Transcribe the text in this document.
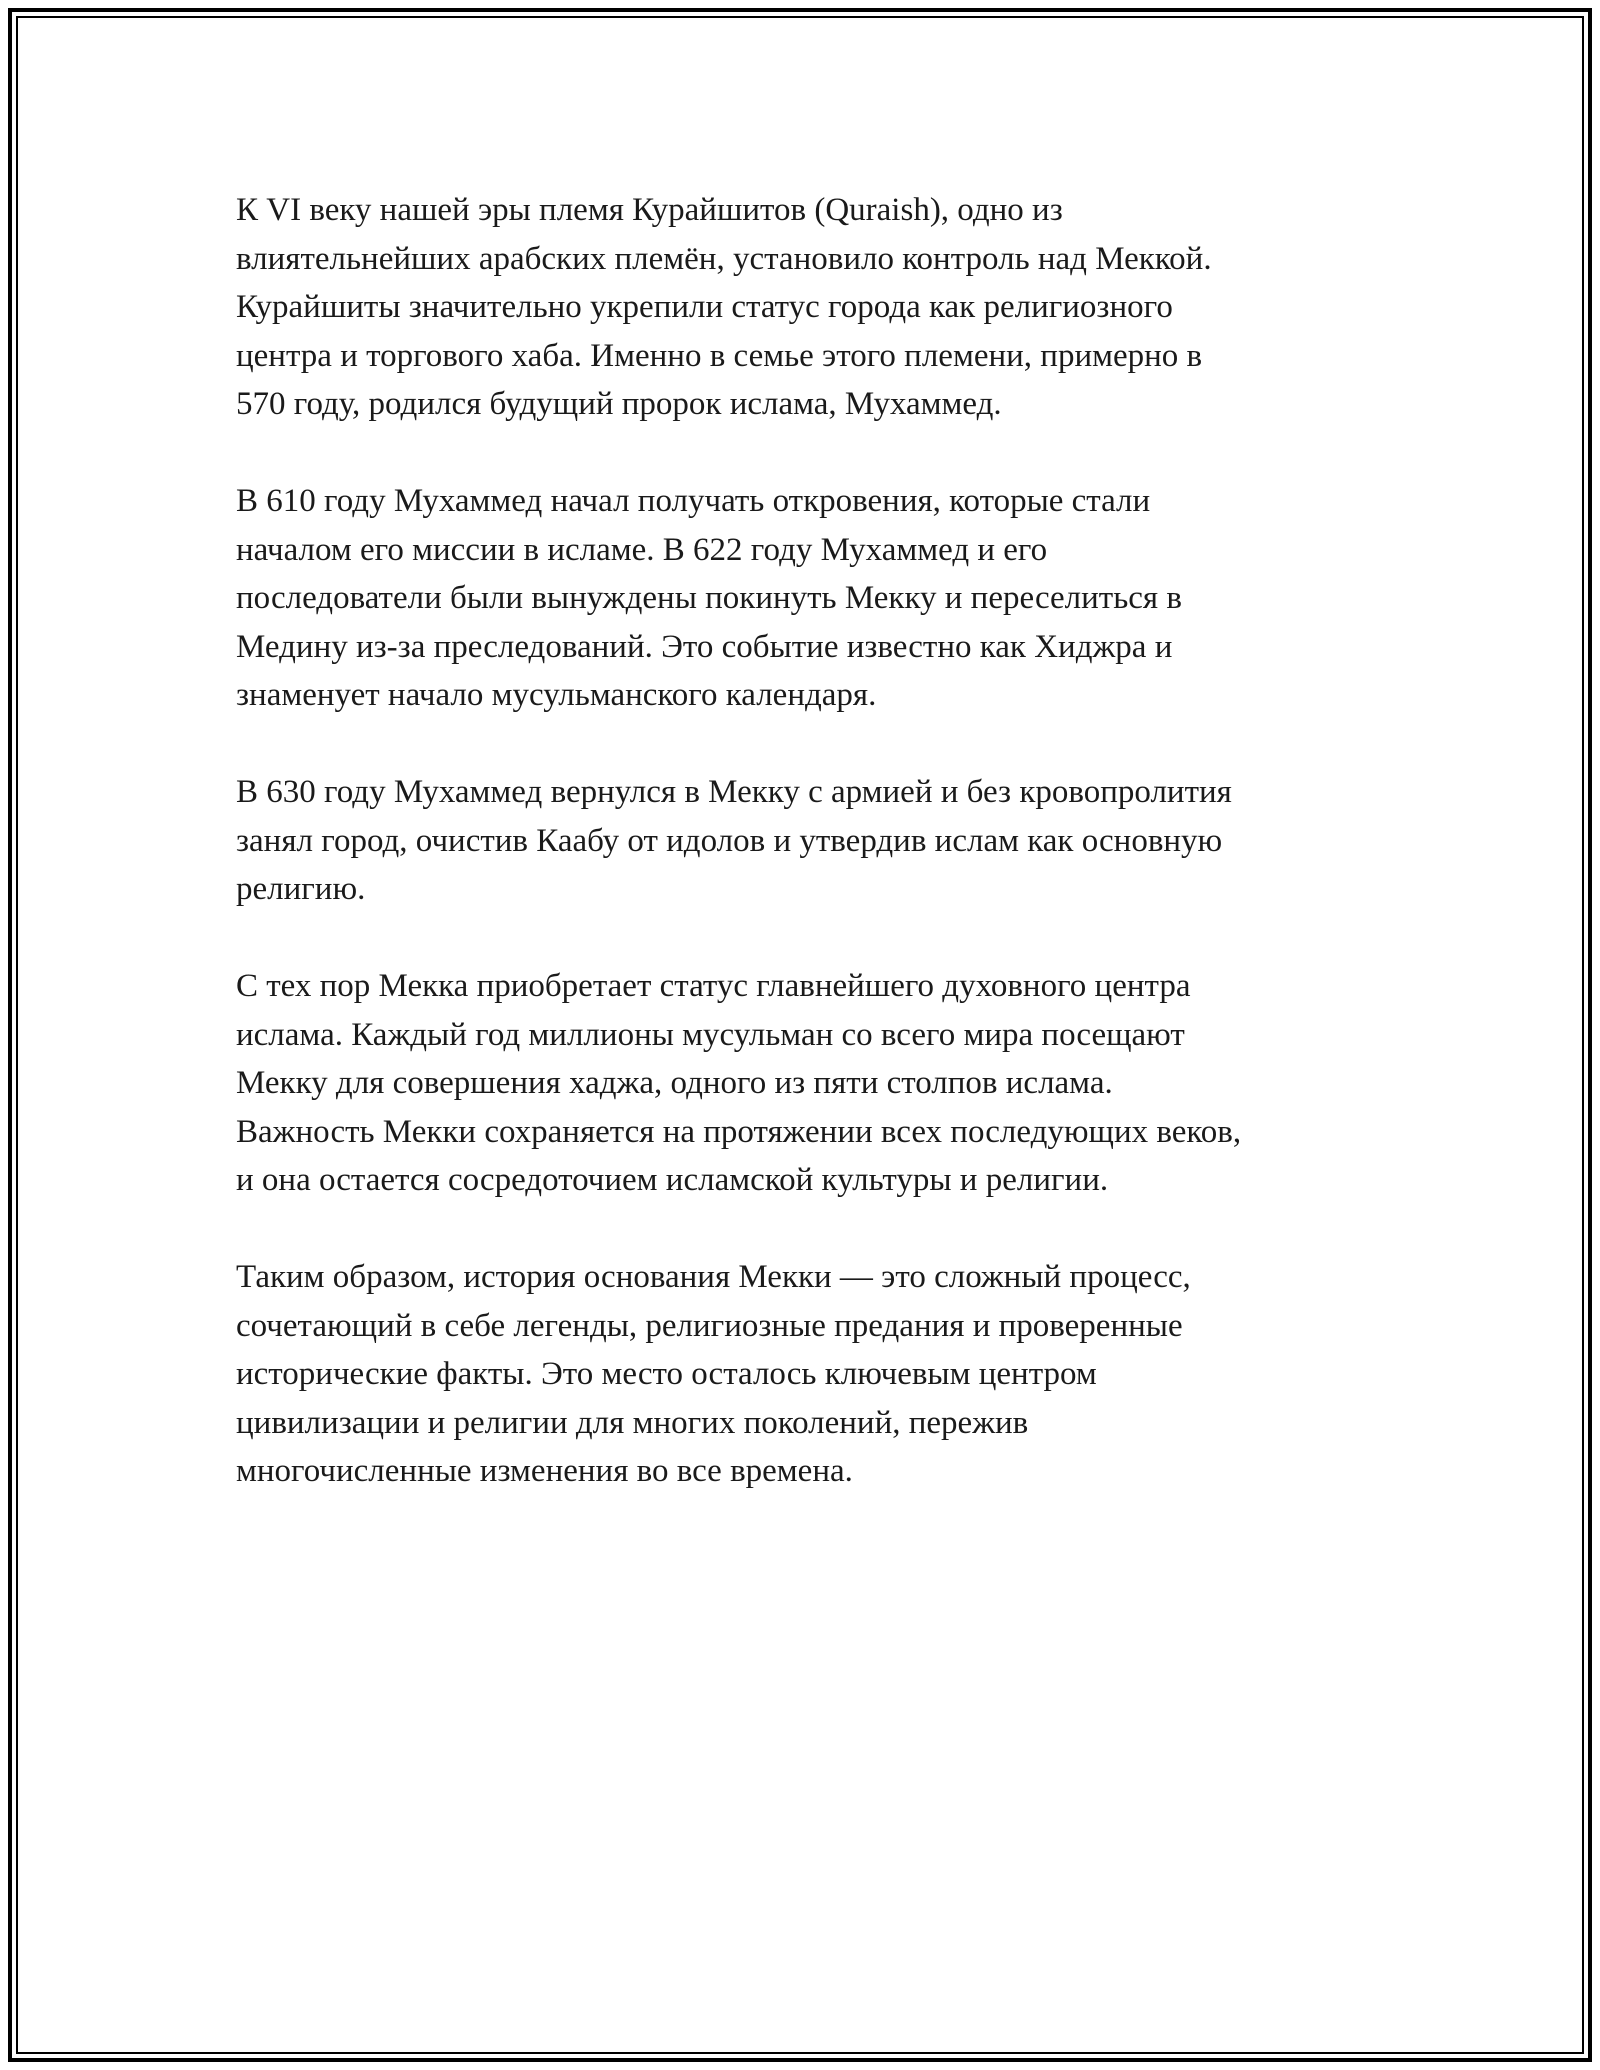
К VI веку нашей эры племя Курайшитов (Quraish), одно из
влиятельнейших арабских племён, установило контроль над Меккой.
Курайшиты значительно укрепили статус города как религиозного
центра и торгового хаба. Именно в семье этого племени, примерно в
570 году, родился будущий пророк ислама, Мухаммед.

В 610 году Мухаммед начал получать откровения, которые стали
началом его миссии в исламе. В 622 году Мухаммед и его
последователи были вынуждены покинуть Мекку и переселиться в
Медину из-за преследований. Это событие известно как Хиджра и
знаменует начало мусульманского календаря.

В 630 году Мухаммед вернулся в Мекку с армией и без кровопролития
занял город, очистив Каабу от идолов и утвердив ислам как основную
религию.

С тех пор Мекка приобретает статус главнейшего духовного центра
ислама. Каждый год миллионы мусульман со всего мира посещают
Мекку для совершения хаджа, одного из пяти столпов ислама.
Важность Мекки сохраняется на протяжении всех последующих веков,
и она остается сосредоточием исламской культуры и религии.

Таким образом, история основания Мекки — это сложный процесс,
сочетающий в себе легенды, религиозные предания и проверенные
исторические факты. Это место осталось ключевым центром
цивилизации и религии для многих поколений, пережив
многочисленные изменения во все времена.
